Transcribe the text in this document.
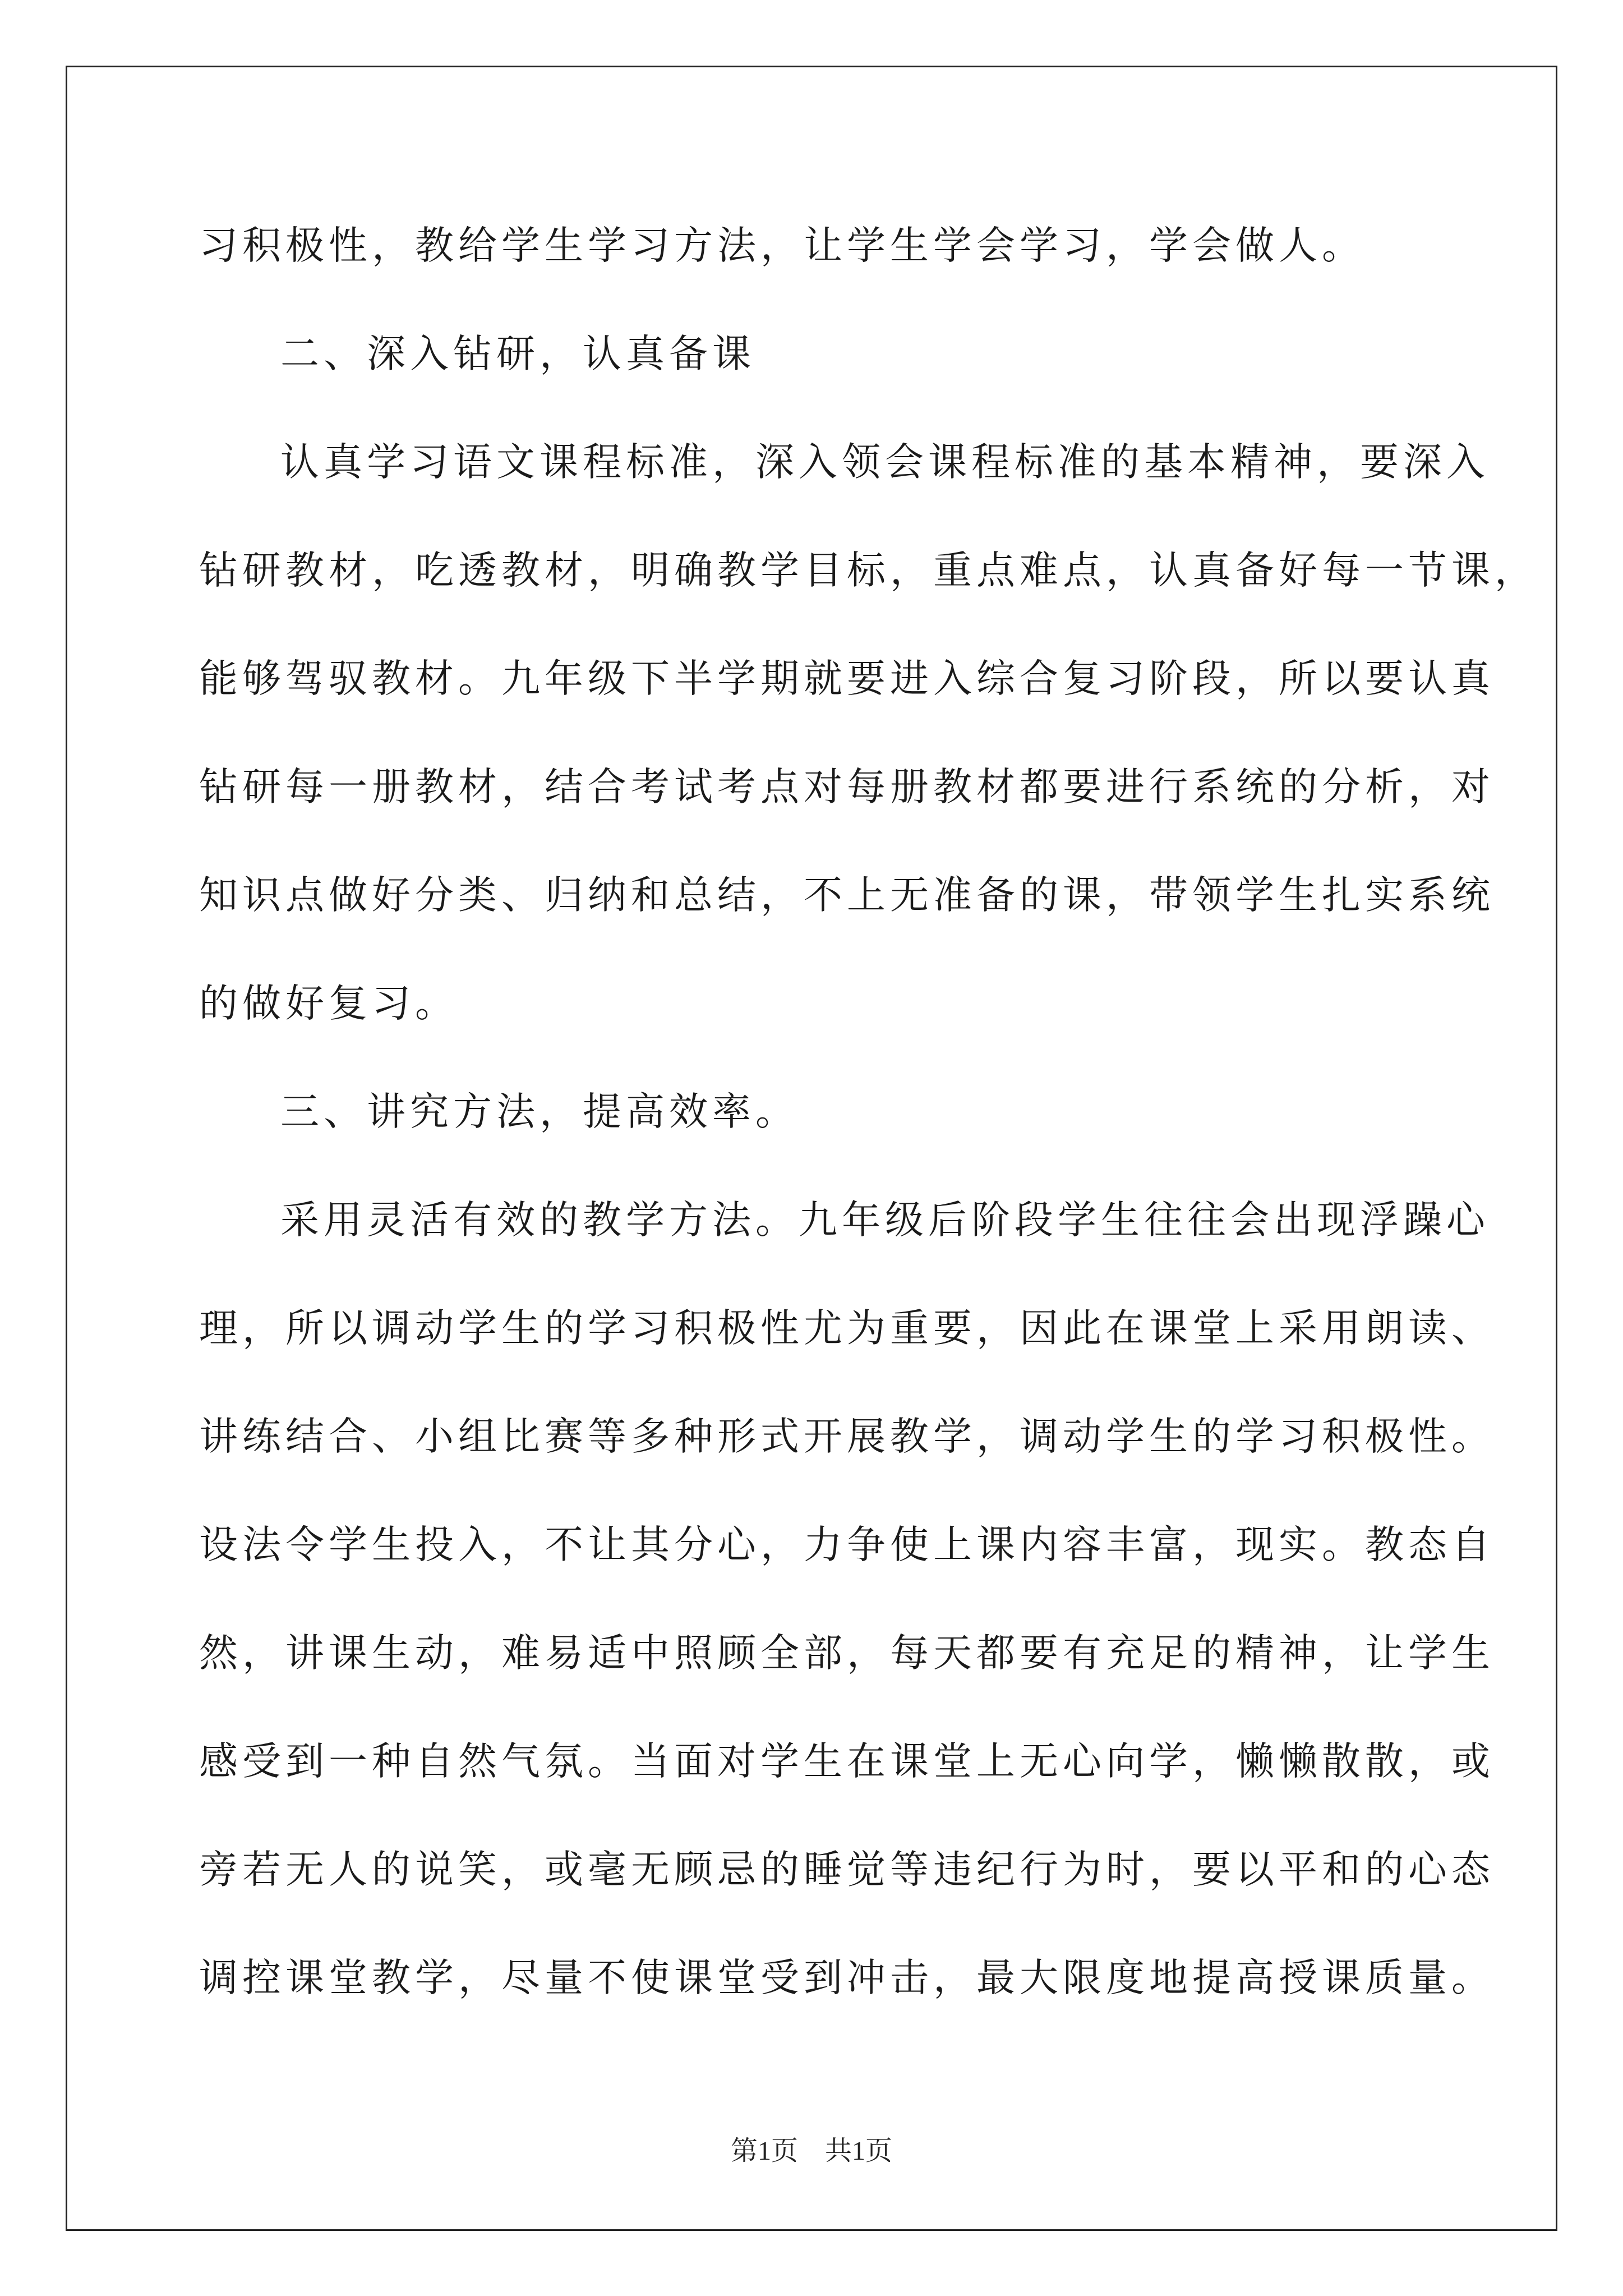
习积极性，教给学生学习方法，让学生学会学习，学会做人。
二、深入钻研，认真备课
认真学习语文课程标准，深入领会课程标准的基本精神，要深入
钻研教材，吃透教材，明确教学目标，重点难点，认真备好每一节课，
能够驾驭教材。九年级下半学期就要进入综合复习阶段，所以要认真
钻研每一册教材，结合考试考点对每册教材都要进行系统的分析，对
知识点做好分类、归纳和总结，不上无准备的课，带领学生扎实系统
的做好复习。
三、讲究方法，提高效率。
采用灵活有效的教学方法。九年级后阶段学生往往会出现浮躁心
理，所以调动学生的学习积极性尤为重要，因此在课堂上采用朗读、
讲练结合、小组比赛等多种形式开展教学，调动学生的学习积极性。
设法令学生投入，不让其分心，力争使上课内容丰富，现实。教态自
然，讲课生动，难易适中照顾全部，每天都要有充足的精神，让学生
感受到一种自然气氛。当面对学生在课堂上无心向学，懒懒散散，或
旁若无人的说笑，或毫无顾忌的睡觉等违纪行为时，要以平和的心态
调控课堂教学，尽量不使课堂受到冲击，最大限度地提高授课质量。
第1页　共1页
